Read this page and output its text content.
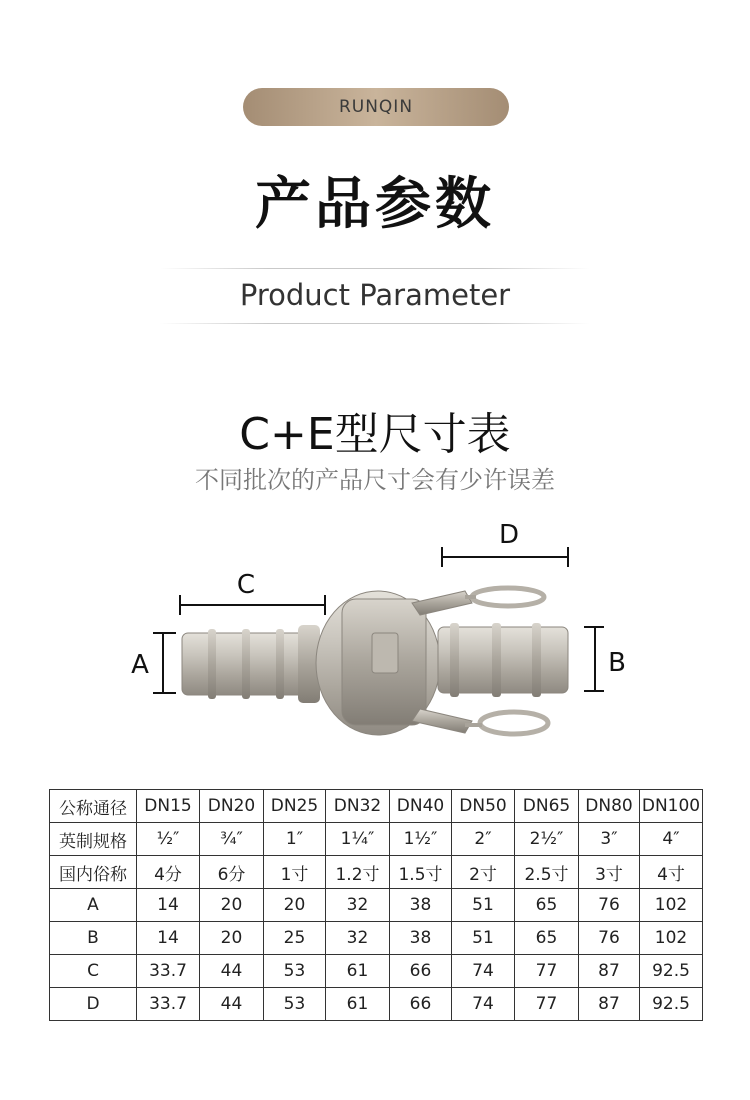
RUNQIN
产品参数
Product Parameter
C+E型尺寸表
不同批次的产品尺寸会有少许误差
C
D
A	B
公称通径	DN15	DN20	DN25	DN32	DN40	DN50	DN65	DN80	DN100
英制规格	½″	¾″	1″	1¼″	1½″	2″	2½″	3″	4″
国内俗称	4分	6分	1寸	1.2寸	1.5寸	2寸	2.5寸	3寸	4寸
A	14	20	20	32	38	51	65	76	102
B	14	20	25	32	38	51	65	76	102
C	33.7	44	53	61	66	74	77	87	92.5
D	33.7	44	53	61	66	74	77	87	92.5
